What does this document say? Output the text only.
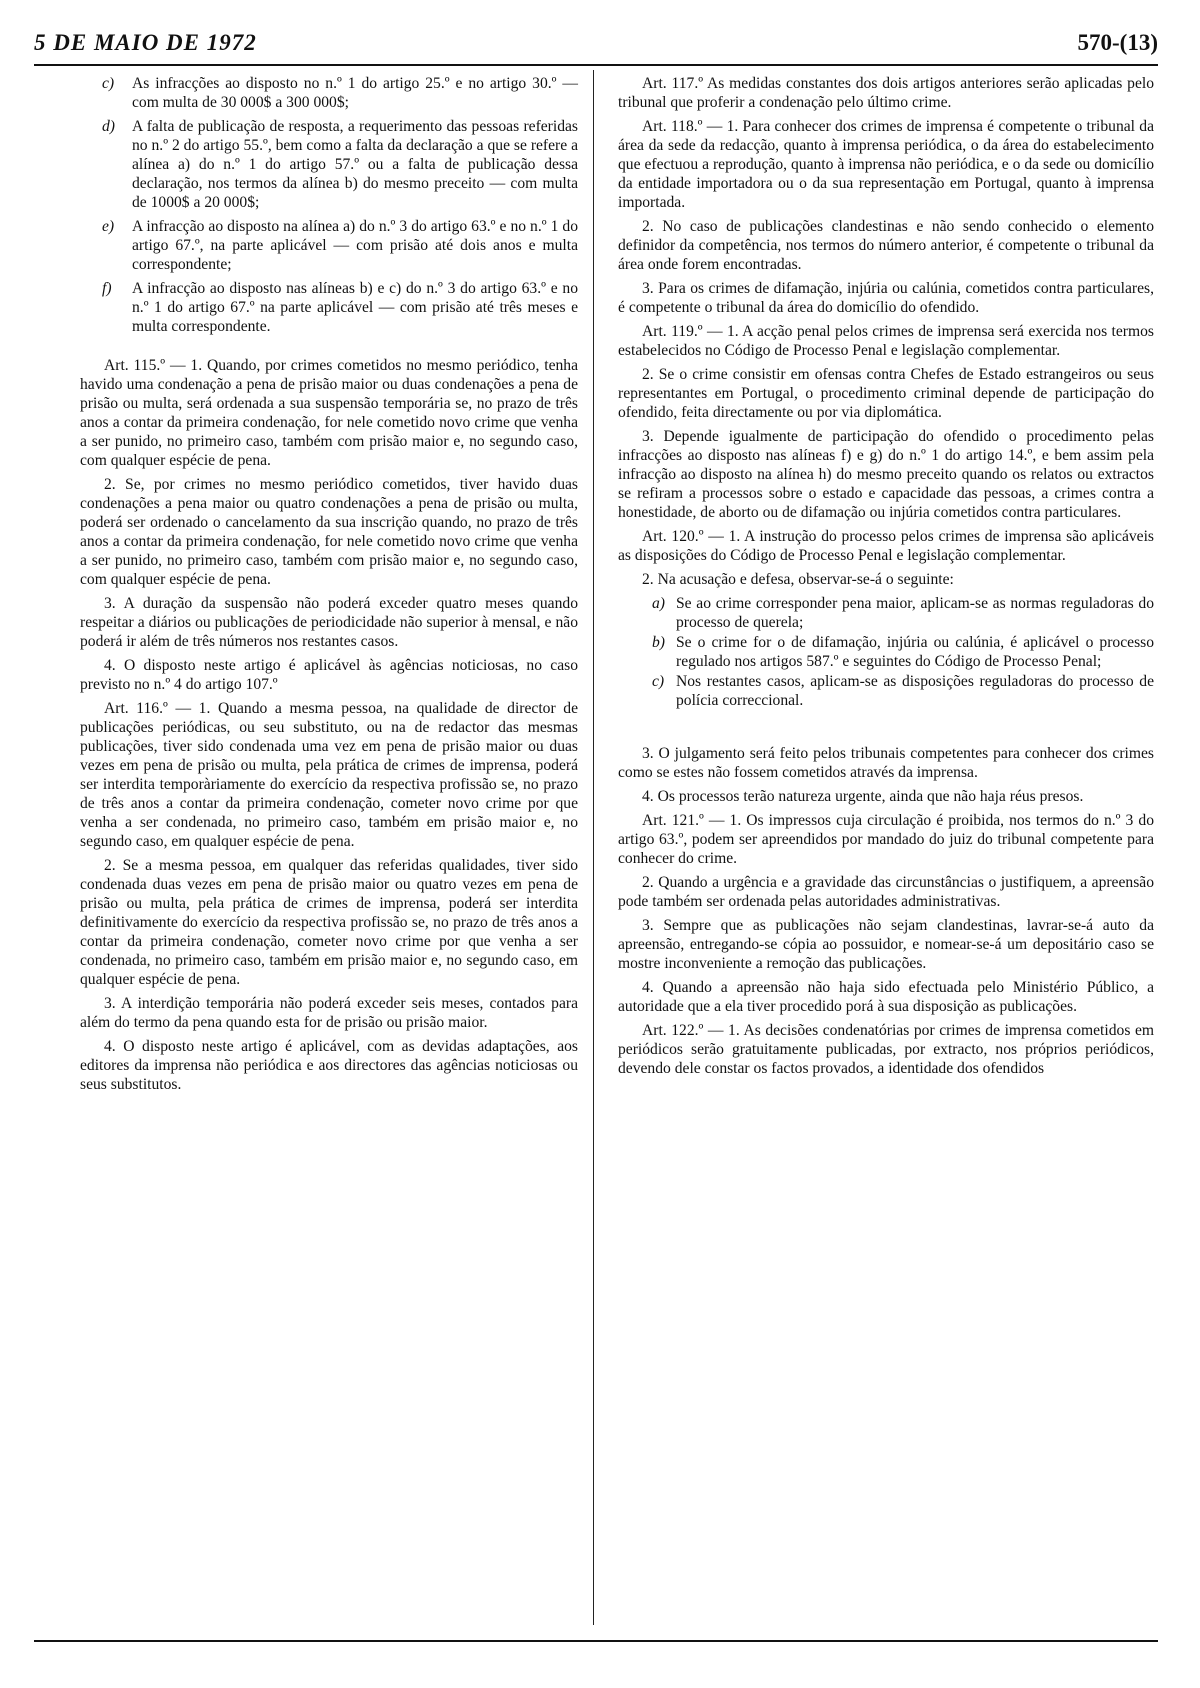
5 DE MAIO DE 1972	570-(13)
c) As infracções ao disposto no n.º 1 do artigo 25.º e no artigo 30.º — com multa de 30 000$ a 300 000$;
d) A falta de publicação de resposta, a requerimento das pessoas referidas no n.º 2 do artigo 55.º, bem como a falta da declaração a que se refere a alínea a) do n.º 1 do artigo 57.º ou a falta de publicação dessa declaração, nos termos da alínea b) do mesmo preceito — com multa de 1000$ a 20 000$;
e) A infracção ao disposto na alínea a) do n.º 3 do artigo 63.º e no n.º 1 do artigo 67.º, na parte aplicável — com prisão até dois anos e multa correspondente;
f) A infracção ao disposto nas alíneas b) e c) do n.º 3 do artigo 63.º e no n.º 1 do artigo 67.º na parte aplicável — com prisão até três meses e multa correspondente.

Art. 115.º — 1. Quando, por crimes cometidos no mesmo periódico, tenha havido uma condenação a pena de prisão maior ou duas condenações a pena de prisão ou multa, será ordenada a sua suspensão temporária se, no prazo de três anos a contar da primeira condenação, for nele cometido novo crime que venha a ser punido, no primeiro caso, também com prisão maior e, no segundo caso, com qualquer espécie de pena.

2. Se, por crimes no mesmo periódico cometidos, tiver havido duas condenações a pena maior ou quatro condenações a pena de prisão ou multa, poderá ser ordenado o cancelamento da sua inscrição quando, no prazo de três anos a contar da primeira condenação, for nele cometido novo crime que venha a ser punido, no primeiro caso, também com prisão maior e, no segundo caso, com qualquer espécie de pena.

3. A duração da suspensão não poderá exceder quatro meses quando respeitar a diários ou publicações de periodicidade não superior à mensal, e não poderá ir além de três números nos restantes casos.

4. O disposto neste artigo é aplicável às agências noticiosas, no caso previsto no n.º 4 do artigo 107.º

Art. 116.º — 1. Quando a mesma pessoa, na qualidade de director de publicações periódicas, ou seu substituto, ou na de redactor das mesmas publicações, tiver sido condenada uma vez em pena de prisão maior ou duas vezes em pena de prisão ou multa, pela prática de crimes de imprensa, poderá ser interdita temporàriamente do exercício da respectiva profissão se, no prazo de três anos a contar da primeira condenação, cometer novo crime por que venha a ser condenada, no primeiro caso, também em prisão maior e, no segundo caso, em qualquer espécie de pena.

2. Se a mesma pessoa, em qualquer das referidas qualidades, tiver sido condenada duas vezes em pena de prisão maior ou quatro vezes em pena de prisão ou multa, pela prática de crimes de imprensa, poderá ser interdita definitivamente do exercício da respectiva profissão se, no prazo de três anos a contar da primeira condenação, cometer novo crime por que venha a ser condenada, no primeiro caso, também em prisão maior e, no segundo caso, em qualquer espécie de pena.

3. A interdição temporária não poderá exceder seis meses, contados para além do termo da pena quando esta for de prisão ou prisão maior.

4. O disposto neste artigo é aplicável, com as devidas adaptações, aos editores da imprensa não periódica e aos directores das agências noticiosas ou seus substitutos.

Art. 117.º As medidas constantes dos dois artigos anteriores serão aplicadas pelo tribunal que proferir a condenação pelo último crime.

Art. 118.º — 1. Para conhecer dos crimes de imprensa é competente o tribunal da área da sede da redacção, quanto à imprensa periódica, o da área do estabelecimento que efectuou a reprodução, quanto à imprensa não periódica, e o da sede ou domicílio da entidade importadora ou o da sua representação em Portugal, quanto à imprensa importada.

2. No caso de publicações clandestinas e não sendo conhecido o elemento definidor da competência, nos termos do número anterior, é competente o tribunal da área onde forem encontradas.

3. Para os crimes de difamação, injúria ou calúnia, cometidos contra particulares, é competente o tribunal da área do domicílio do ofendido.

Art. 119.º — 1. A acção penal pelos crimes de imprensa será exercida nos termos estabelecidos no Código de Processo Penal e legislação complementar.

2. Se o crime consistir em ofensas contra Chefes de Estado estrangeiros ou seus representantes em Portugal, o procedimento criminal depende de participação do ofendido, feita directamente ou por via diplomática.

3. Depende igualmente de participação do ofendido o procedimento pelas infracções ao disposto nas alíneas f) e g) do n.º 1 do artigo 14.º, e bem assim pela infracção ao disposto na alínea h) do mesmo preceito quando os relatos ou extractos se refiram a processos sobre o estado e capacidade das pessoas, a crimes contra a honestidade, de aborto ou de difamação ou injúria cometidos contra particulares.

Art. 120.º — 1. A instrução do processo pelos crimes de imprensa são aplicáveis as disposições do Código de Processo Penal e legislação complementar.

2. Na acusação e defesa, observar-se-á o seguinte:

a) Se ao crime corresponder pena maior, aplicam-se as normas reguladoras do processo de querela;
b) Se o crime for o de difamação, injúria ou calúnia, é aplicável o processo regulado nos artigos 587.º e seguintes do Código de Processo Penal;
c) Nos restantes casos, aplicam-se as disposições reguladoras do processo de polícia correccional.

3. O julgamento será feito pelos tribunais competentes para conhecer dos crimes como se estes não fossem cometidos através da imprensa.

4. Os processos terão natureza urgente, ainda que não haja réus presos.

Art. 121.º — 1. Os impressos cuja circulação é proibida, nos termos do n.º 3 do artigo 63.º, podem ser apreendidos por mandado do juiz do tribunal competente para conhecer do crime.

2. Quando a urgência e a gravidade das circunstâncias o justifiquem, a apreensão pode também ser ordenada pelas autoridades administrativas.

3. Sempre que as publicações não sejam clandestinas, lavrar-se-á auto da apreensão, entregando-se cópia ao possuidor, e nomear-se-á um depositário caso se mostre inconveniente a remoção das publicações.

4. Quando a apreensão não haja sido efectuada pelo Ministério Público, a autoridade que a ela tiver procedido porá à sua disposição as publicações.

Art. 122.º — 1. As decisões condenatórias por crimes de imprensa cometidos em periódicos serão gratuitamente publicadas, por extracto, nos próprios periódicos, devendo dele constar os factos provados, a identidade dos ofendidos
